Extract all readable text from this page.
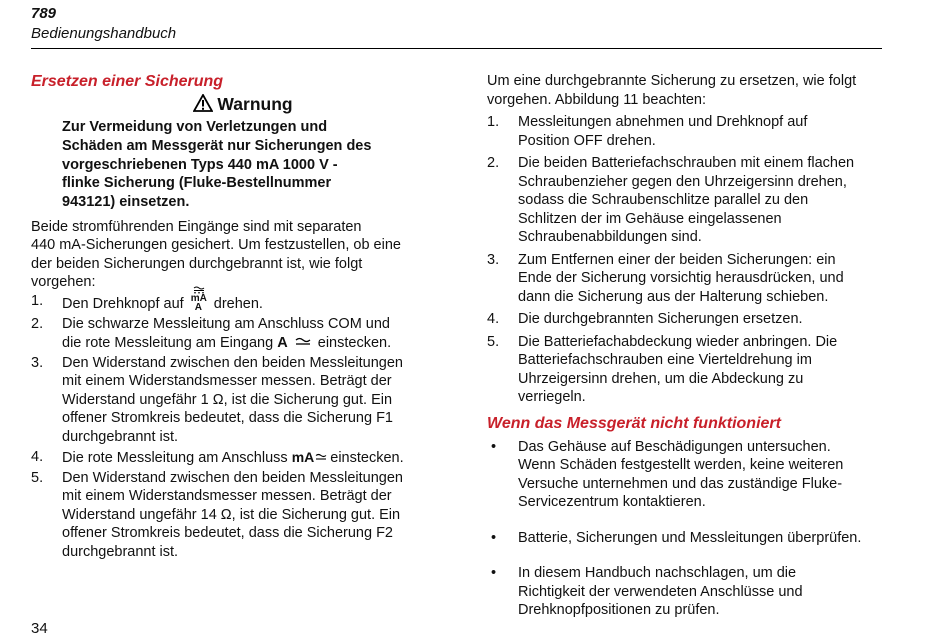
789
Bedienungshandbuch
Ersetzen einer Sicherung
Warnung
Zur Vermeidung von Verletzungen und
Schäden am Messgerät nur Sicherungen des
vorgeschriebenen Typs 440 mA 1000 V -
flinke Sicherung (Fluke-Bestellnummer
943121) einsetzen.
Beide stromführenden Eingänge sind mit separaten
440 mA-Sicherungen gesichert. Um festzustellen, ob eine
der beiden Sicherungen durchgebrannt ist, wie folgt
vorgehen:
1. Den Drehknopf auf mA
A drehen.
2. Die schwarze Messleitung am Anschluss COM und
die rote Messleitung am Eingang A einstecken.
3. Den Widerstand zwischen den beiden Messleitungen
mit einem Widerstandsmesser messen. Beträgt der
Widerstand ungefähr 1 Ω, ist die Sicherung gut. Ein
offener Stromkreis bedeutet, dass die Sicherung F1
durchgebrannt ist.
4. Die rote Messleitung am Anschluss mA einstecken.
5. Den Widerstand zwischen den beiden Messleitungen
mit einem Widerstandsmesser messen. Beträgt der
Widerstand ungefähr 14 Ω, ist die Sicherung gut. Ein
offener Stromkreis bedeutet, dass die Sicherung F2
durchgebrannt ist.
Um eine durchgebrannte Sicherung zu ersetzen, wie folgt
vorgehen. Abbildung 11 beachten:
1. Messleitungen abnehmen und Drehknopf auf
Position OFF drehen.
2. Die beiden Batteriefachschrauben mit einem flachen
Schraubenzieher gegen den Uhrzeigersinn drehen,
sodass die Schraubenschlitze parallel zu den
Schlitzen der im Gehäuse eingelassenen
Schraubenabbildungen sind.
3. Zum Entfernen einer der beiden Sicherungen: ein
Ende der Sicherung vorsichtig herausdrücken, und
dann die Sicherung aus der Halterung schieben.
4. Die durchgebrannten Sicherungen ersetzen.
5. Die Batteriefachabdeckung wieder anbringen. Die
Batteriefachschrauben eine Vierteldrehung im
Uhrzeigersinn drehen, um die Abdeckung zu
verriegeln.
Wenn das Messgerät nicht funktioniert
• Das Gehäuse auf Beschädigungen untersuchen.
Wenn Schäden festgestellt werden, keine weiteren
Versuche unternehmen und das zuständige Fluke-
Servicezentrum kontaktieren.
• Batterie, Sicherungen und Messleitungen überprüfen.
• In diesem Handbuch nachschlagen, um die
Richtigkeit der verwendeten Anschlüsse und
Drehknopfpositionen zu prüfen.
34
